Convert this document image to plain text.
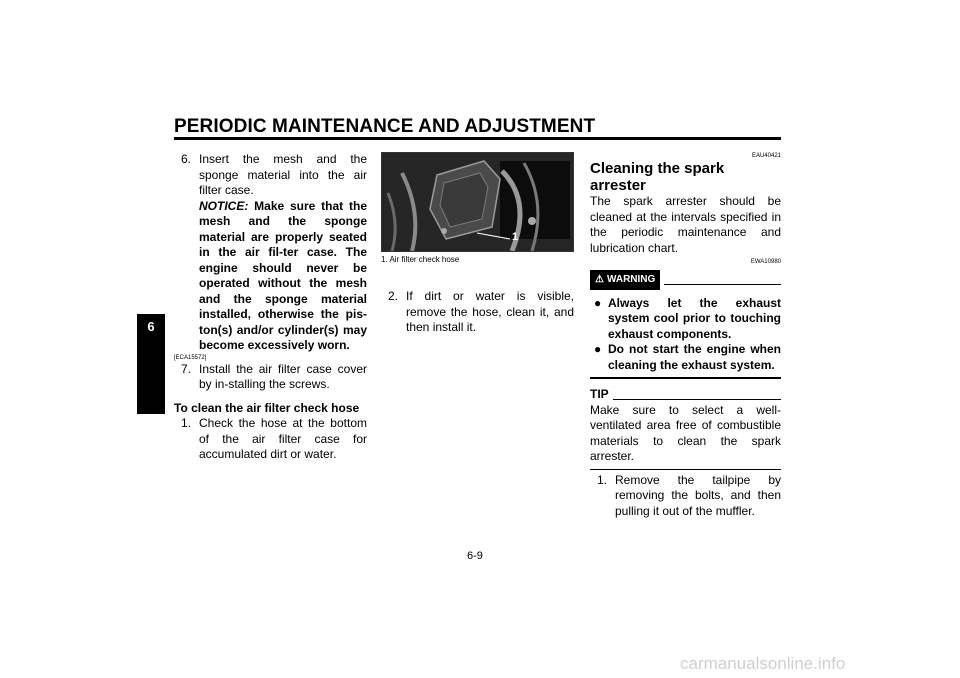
PERIODIC MAINTENANCE AND ADJUSTMENT
6
6. Insert the mesh and the sponge material into the air filter case.

NOTICE: Make sure that the mesh and the sponge material are properly seated in the air fil-ter case. The engine should never be operated without the mesh and the sponge material installed, otherwise the pis-ton(s) and/or cylinder(s) may become excessively worn.

[ECA15572]

7. Install the air filter case cover by in-stalling the screws.

To clean the air filter check hose

1. Check the hose at the bottom of the air filter case for accumulated dirt or water.

1

1. Air filter check hose

2. If dirt or water is visible, remove the hose, clean it, and then install it.

EAU40421

Cleaning the spark arrester

The spark arrester should be cleaned at the intervals specified in the periodic maintenance and lubrication chart.

EWA10980

⚠ WARNING
● Always let the exhaust system cool prior to touching exhaust components.
● Do not start the engine when cleaning the exhaust system.
TIP

Make sure to select a well-ventilated area free of combustible materials to clean the spark arrester.

1. Remove the tailpipe by removing the bolts, and then pulling it out of the muffler.

6-9
carmanualsonline.info
